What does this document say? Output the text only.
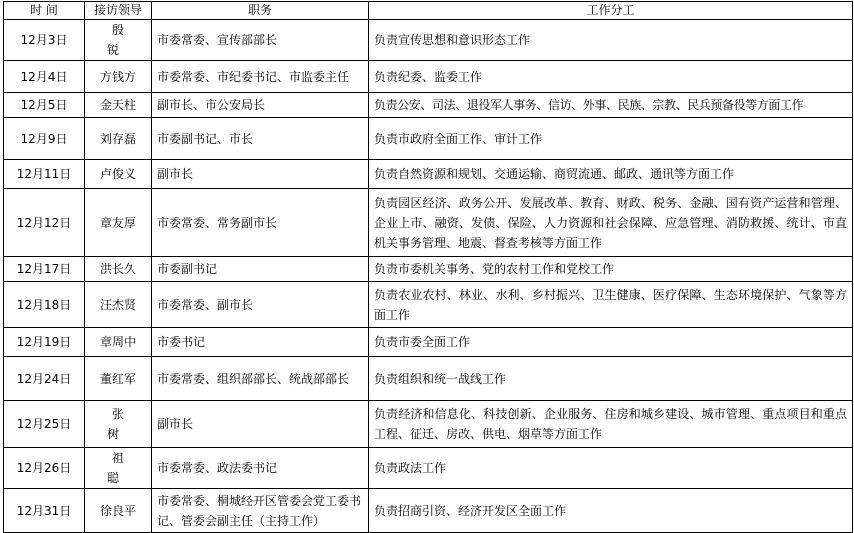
时 间	接访领导	职务	工作分工
12月3日	殷 锐	市委常委、宣传部部长	负责宣传思想和意识形态工作
12月4日	方钱方	市委常委、市纪委书记、市监委主任	负责纪委、监委工作
12月5日	金天柱	副市长、市公安局长	负责公安、司法、退役军人事务、信访、外事、民族、宗教、民兵预备役等方面工作
12月9日	刘存磊	市委副书记、市长	负责市政府全面工作、审计工作
12月11日	卢俊义	副市长	负责自然资源和规划、交通运输、商贸流通、邮政、通讯等方面工作
12月12日	章友厚	市委常委、常务副市长	负责园区经济、政务公开、发展改革、教育、财政、税务、金融、国有资产运营和管理、企业上市、融资、发债、保险、人力资源和社会保障、应急管理、消防救援、统计、市直机关事务管理、地震、督查考核等方面工作
12月17日	洪长久	市委副书记	负责市委机关事务、党的农村工作和党校工作
12月18日	汪杰贤	市委常委、副市长	负责农业农村、林业、水利、乡村振兴、卫生健康、医疗保障、生态环境保护、气象等方面工作
12月19日	章周中	市委书记	负责市委全面工作
12月24日	董红军	市委常委、组织部部长、统战部部长	负责组织和统一战线工作
12月25日	张 树	副市长	负责经济和信息化、科技创新、企业服务、住房和城乡建设、城市管理、重点项目和重点工程、征迁、房改、供电、烟草等方面工作
12月26日	祖 聪	市委常委、政法委书记	负责政法工作
12月31日	徐良平	市委常委、桐城经开区管委会党工委书记、管委会副主任（主持工作）	负责招商引资、经济开发区全面工作
